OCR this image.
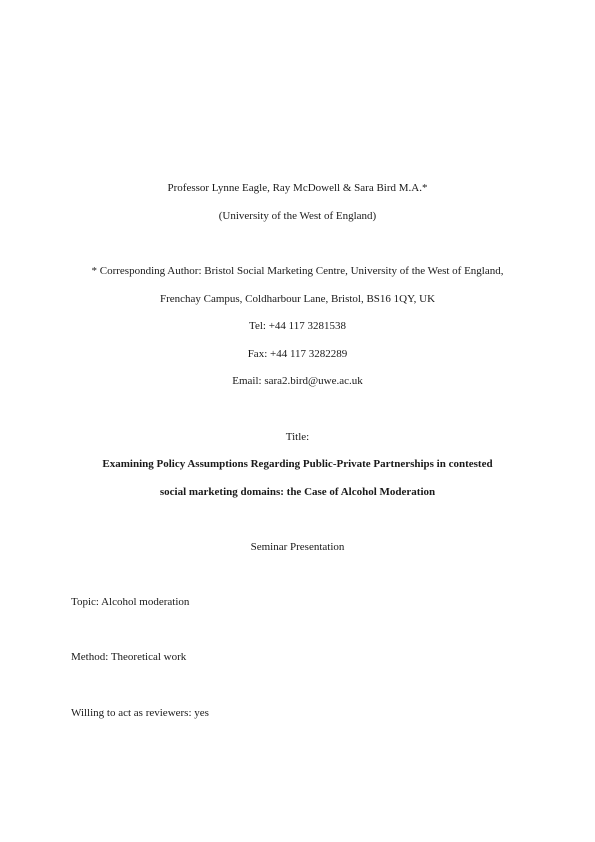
Professor Lynne Eagle, Ray McDowell & Sara Bird M.A.*
(University of the West of England)
* Corresponding Author: Bristol Social Marketing Centre, University of the West of England,
Frenchay Campus, Coldharbour Lane, Bristol, BS16 1QY, UK
Tel: +44 117 3281538
Fax: +44 117 3282289
Email: sara2.bird@uwe.ac.uk
Title:
Examining Policy Assumptions Regarding Public-Private Partnerships in contested
social marketing domains: the Case of Alcohol Moderation
Seminar Presentation
Topic: Alcohol moderation
Method: Theoretical work
Willing to act as reviewers: yes
